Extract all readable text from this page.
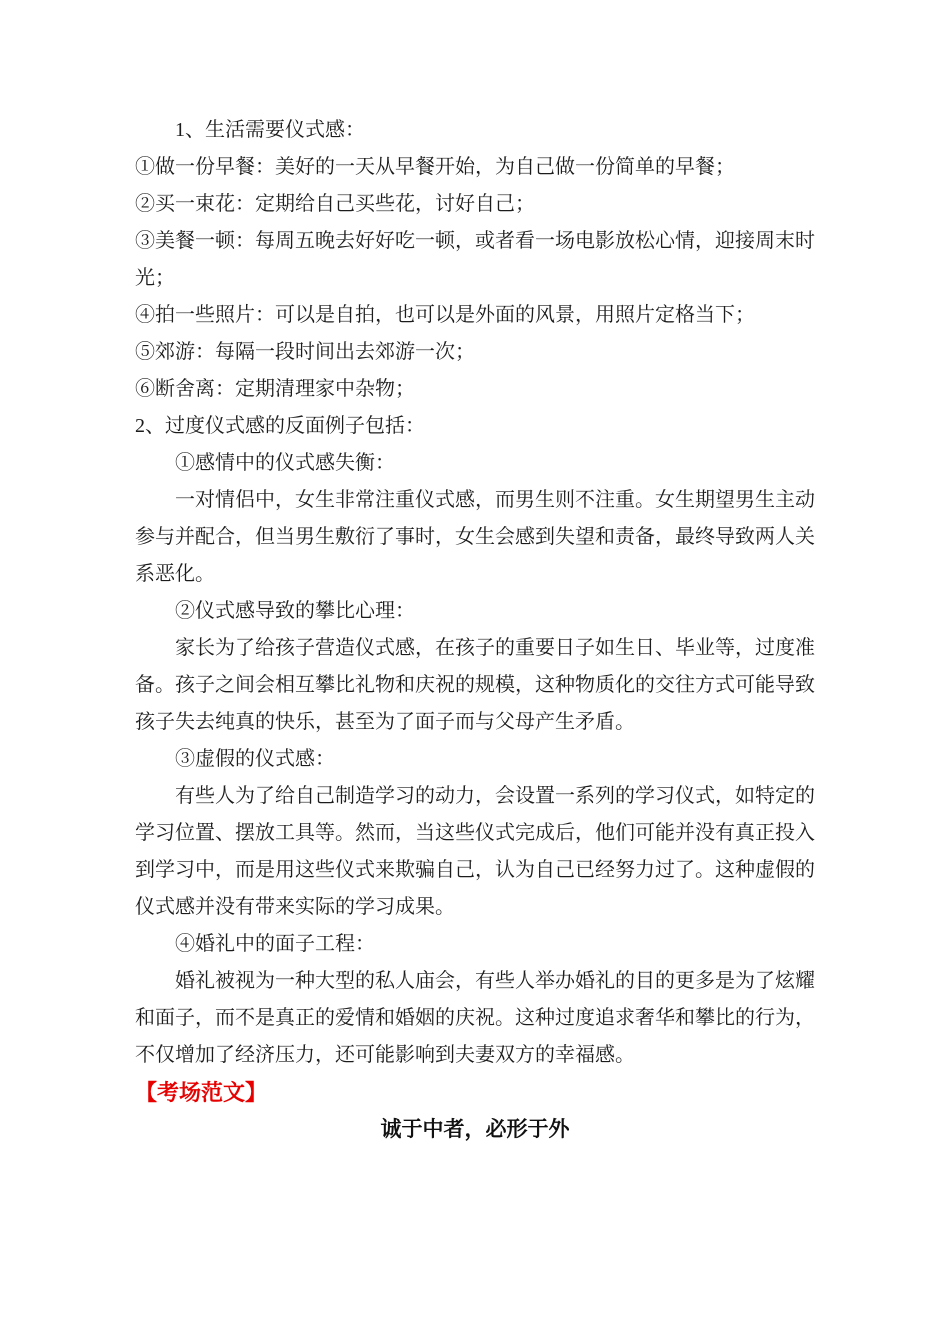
1、生活需要仪式感：

①做一份早餐：美好的一天从早餐开始，为自己做一份简单的早餐；

②买一束花：定期给自己买些花，讨好自己；

③美餐一顿：每周五晚去好好吃一顿，或者看一场电影放松心情，迎接周末时光；

④拍一些照片：可以是自拍，也可以是外面的风景，用照片定格当下；

⑤郊游：每隔一段时间出去郊游一次；

⑥断舍离：定期清理家中杂物；

2、过度仪式感的反面例子包括：

①感情中的仪式感失衡：

一对情侣中，女生非常注重仪式感，而男生则不注重。女生期望男生主动参与并配合，但当男生敷衍了事时，女生会感到失望和责备，最终导致两人关系恶化。

②仪式感导致的攀比心理：

家长为了给孩子营造仪式感，在孩子的重要日子如生日、毕业等，过度准备。孩子之间会相互攀比礼物和庆祝的规模，这种物质化的交往方式可能导致孩子失去纯真的快乐，甚至为了面子而与父母产生矛盾。

③虚假的仪式感：

有些人为了给自己制造学习的动力，会设置一系列的学习仪式，如特定的学习位置、摆放工具等。然而，当这些仪式完成后，他们可能并没有真正投入到学习中，而是用这些仪式来欺骗自己，认为自己已经努力过了。这种虚假的仪式感并没有带来实际的学习成果。

④婚礼中的面子工程：

婚礼被视为一种大型的私人庙会，有些人举办婚礼的目的更多是为了炫耀和面子，而不是真正的爱情和婚姻的庆祝。这种过度追求奢华和攀比的行为，不仅增加了经济压力，还可能影响到夫妻双方的幸福感。

【考场范文】

诚于中者，必形于外
